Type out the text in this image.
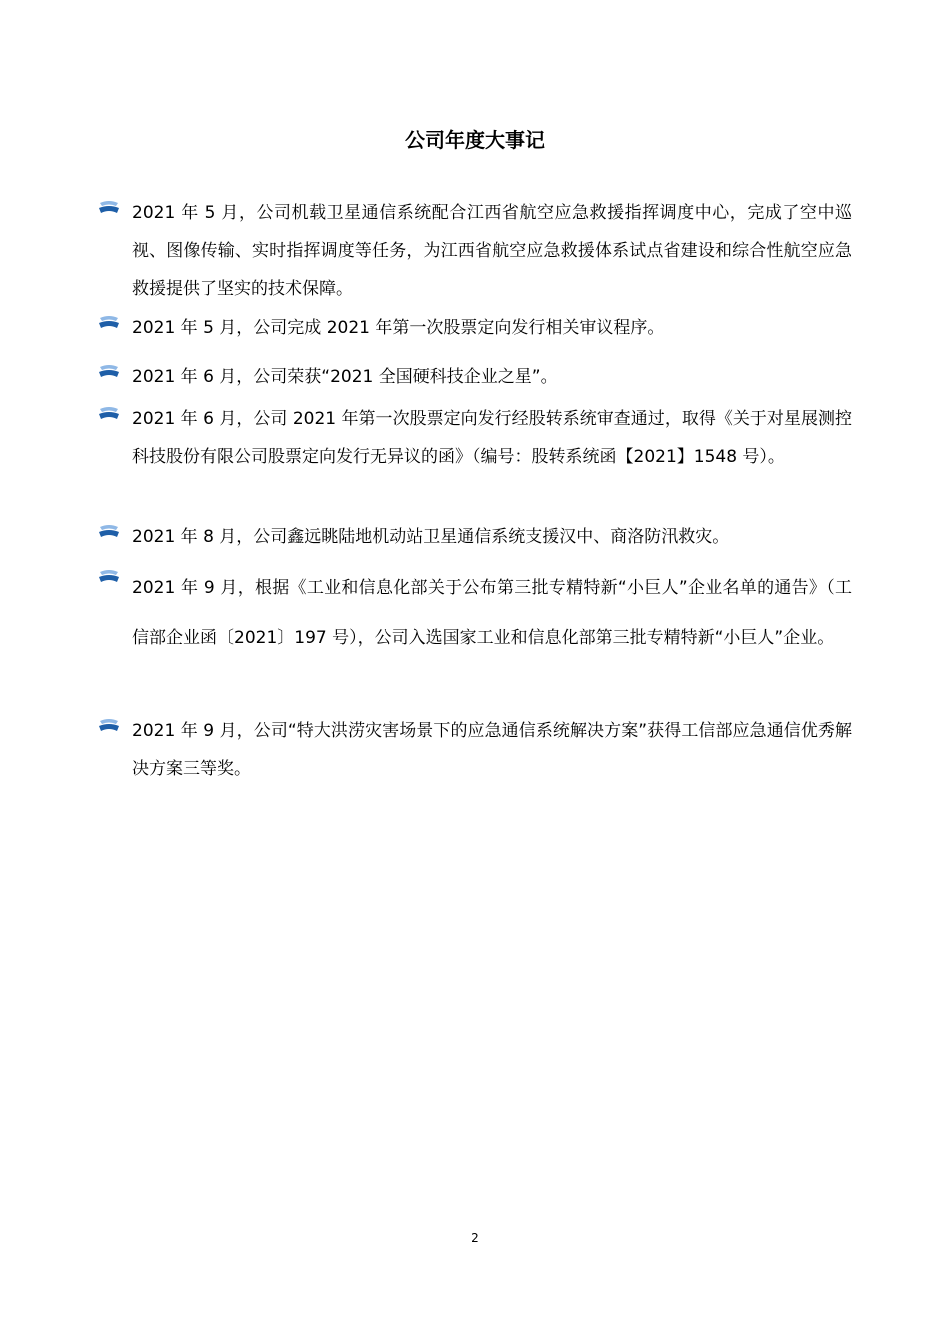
公司年度大事记
2021 年 5 月，公司机载卫星通信系统配合江西省航空应急救援指挥调度中心，完成了空中巡视、图像传输、实时指挥调度等任务，为江西省航空应急救援体系试点省建设和综合性航空应急救援提供了坚实的技术保障。
2021 年 5 月，公司完成 2021 年第一次股票定向发行相关审议程序。
2021 年 6 月，公司荣获“2021 全国硬科技企业之星”。
2021 年 6 月，公司 2021 年第一次股票定向发行经股转系统审查通过，取得《关于对星展测控科技股份有限公司股票定向发行无异议的函》（编号：股转系统函【2021】1548 号）。
2021 年 8 月，公司鑫远眺陆地机动站卫星通信系统支援汉中、商洛防汛救灾。
2021 年 9 月，根据《工业和信息化部关于公布第三批专精特新“小巨人”企业名单的通告》（工信部企业函〔2021〕197 号），公司入选国家工业和信息化部第三批专精特新“小巨人”企业。
2021 年 9 月，公司“特大洪涝灾害场景下的应急通信系统解决方案”获得工信部应急通信优秀解决方案三等奖。
2
